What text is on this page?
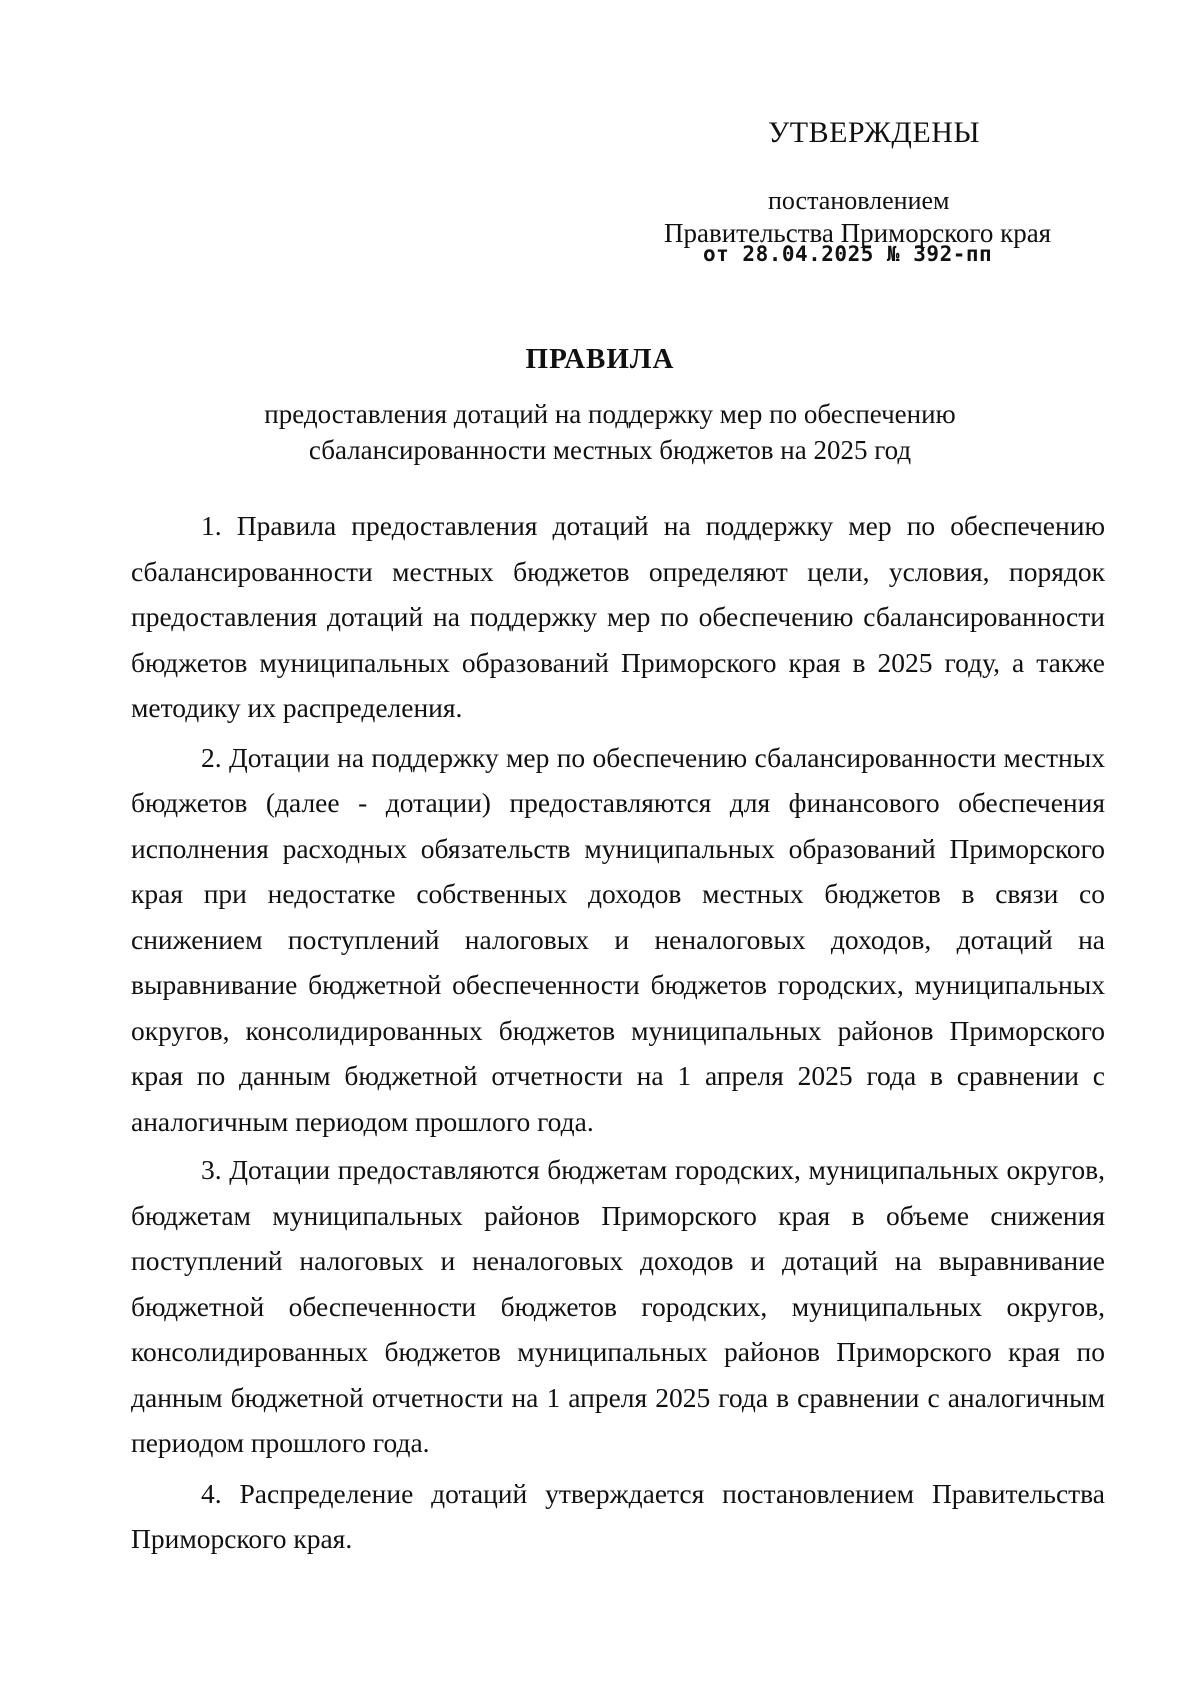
УТВЕРЖДЕНЫ
постановлением
Правительства Приморского края
от 28.04.2025 № 392-пп
ПРАВИЛА
предоставления дотаций на поддержку мер по обеспечению
сбалансированности местных бюджетов на 2025 год

1. Правила предоставления дотаций на поддержку мер по обеспечению сбалансированности местных бюджетов определяют цели, условия, порядок предоставления дотаций на поддержку мер по обеспечению сбалансированности бюджетов муниципальных образований Приморского края в 2025 году, а также методику их распределения.

2. Дотации на поддержку мер по обеспечению сбалансированности местных бюджетов (далее - дотации) предоставляются для финансового обеспечения исполнения расходных обязательств муниципальных образований Приморского края при недостатке собственных доходов местных бюджетов в связи со снижением поступлений налоговых и неналоговых доходов, дотаций на выравнивание бюджетной обеспеченности бюджетов городских, муниципальных округов, консолидированных бюджетов муниципальных районов Приморского края по данным бюджетной отчетности на 1 апреля 2025 года в сравнении с аналогичным периодом прошлого года.

3. Дотации предоставляются бюджетам городских, муниципальных округов, бюджетам муниципальных районов Приморского края в объеме снижения поступлений налоговых и неналоговых доходов и дотаций на выравнивание бюджетной обеспеченности бюджетов городских, муниципальных округов, консолидированных бюджетов муниципальных районов Приморского края по данным бюджетной отчетности на 1 апреля 2025 года в сравнении с аналогичным периодом прошлого года.

4. Распределение дотаций утверждается постановлением Правительства Приморского края.
